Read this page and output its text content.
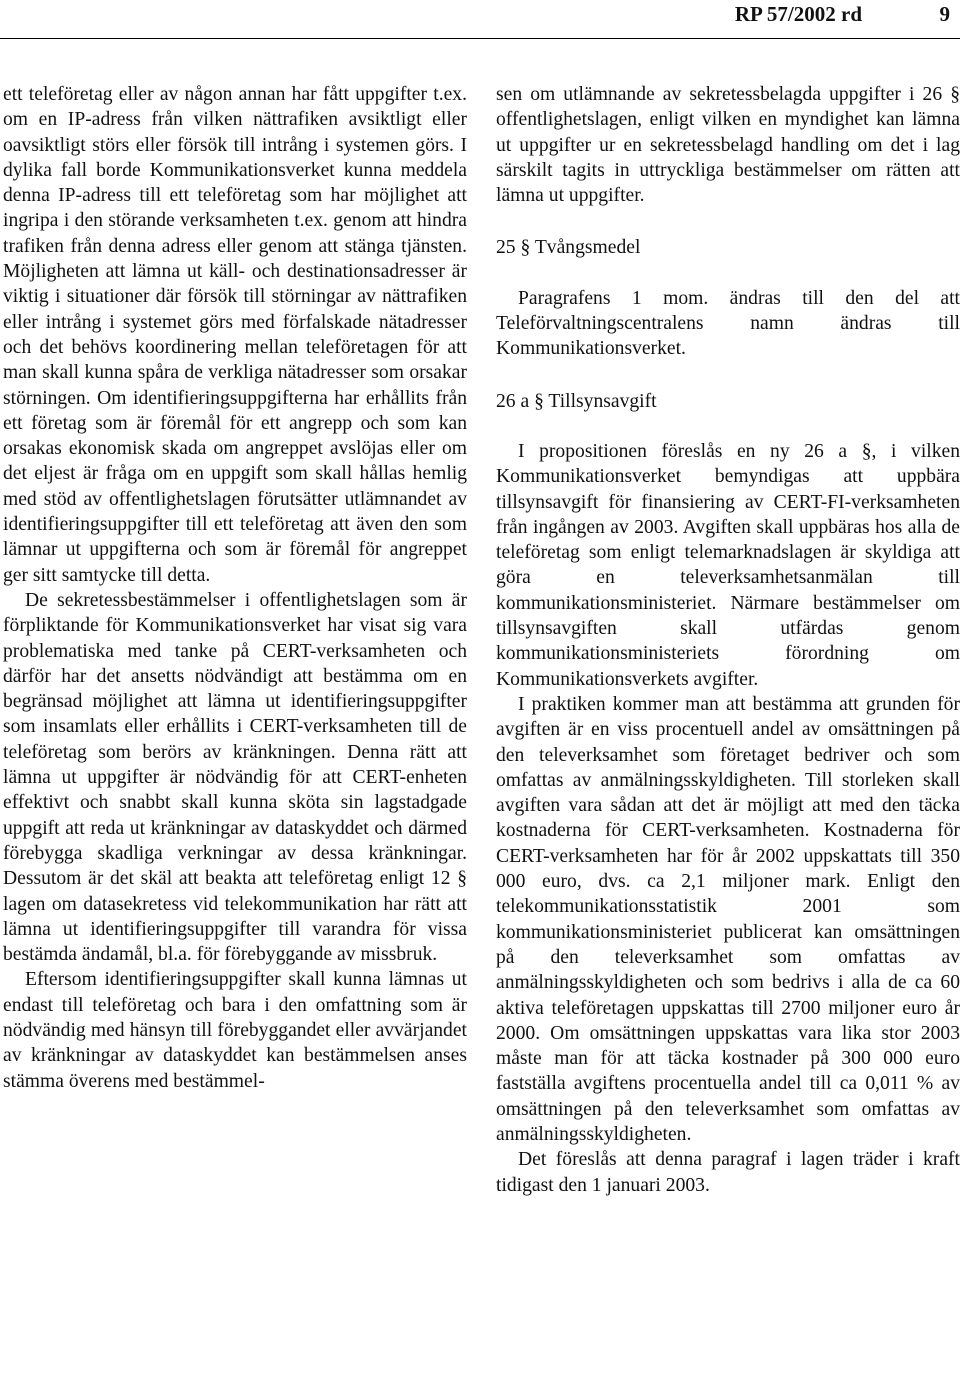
RP 57/2002 rd	9

ett teleföretag eller av någon annan har fått uppgifter t.ex. om en IP-adress från vilken nättrafiken avsiktligt eller oavsiktligt störs eller försök till intrång i systemen görs. I dylika fall borde Kommunikationsverket kunna meddela denna IP-adress till ett teleföretag som har möjlighet att ingripa i den störande verksamheten t.ex. genom att hindra trafiken från denna adress eller genom att stänga tjänsten. Möjligheten att lämna ut käll- och destinationsadresser är viktig i situationer där försök till störningar av nättrafiken eller intrång i systemet görs med förfalskade nätadresser och det behövs koordinering mellan teleföretagen för att man skall kunna spåra de verkliga nätadresser som orsakar störningen. Om identifieringsuppgifterna har erhållits från ett företag som är föremål för ett angrepp och som kan orsakas ekonomisk skada om angreppet avslöjas eller om det eljest är fråga om en uppgift som skall hållas hemlig med stöd av offentlighetslagen förutsätter utlämnandet av identifieringsuppgifter till ett teleföretag att även den som lämnar ut uppgifterna och som är föremål för angreppet ger sitt samtycke till detta.

De sekretessbestämmelser i offentlighetslagen som är förpliktande för Kommunikationsverket har visat sig vara problematiska med tanke på CERT-verksamheten och därför har det ansetts nödvändigt att bestämma om en begränsad möjlighet att lämna ut identifieringsuppgifter som insamlats eller erhållits i CERT-verksamheten till de teleföretag som berörs av kränkningen. Denna rätt att lämna ut uppgifter är nödvändig för att CERT-enheten effektivt och snabbt skall kunna sköta sin lagstadgade uppgift att reda ut kränkningar av dataskyddet och därmed förebygga skadliga verkningar av dessa kränkningar. Dessutom är det skäl att beakta att teleföretag enligt 12 § lagen om datasekretess vid telekommunikation har rätt att lämna ut identifieringsuppgifter till varandra för vissa bestämda ändamål, bl.a. för förebyggande av missbruk.

Eftersom identifieringsuppgifter skall kunna lämnas ut endast till teleföretag och bara i den omfattning som är nödvändig med hänsyn till förebyggandet eller avvärjandet av kränkningar av dataskyddet kan bestämmelsen anses stämma överens med bestämmel-

sen om utlämnande av sekretessbelagda uppgifter i 26 § offentlighetslagen, enligt vilken en myndighet kan lämna ut uppgifter ur en sekretessbelagd handling om det i lag särskilt tagits in uttryckliga bestämmelser om rätten att lämna ut uppgifter.

25 § Tvångsmedel

Paragrafens 1 mom. ändras till den del att Teleförvaltningscentralens namn ändras till Kommunikationsverket.

26 a § Tillsynsavgift

I propositionen föreslås en ny 26 a §, i vilken Kommunikationsverket bemyndigas att uppbära tillsynsavgift för finansiering av CERT-FI-verksamheten från ingången av 2003. Avgiften skall uppbäras hos alla de teleföretag som enligt telemarknadslagen är skyldiga att göra en televerksamhetsanmälan till kommunikationsministeriet. Närmare bestämmelser om tillsynsavgiften skall utfärdas genom kommunikationsministeriets förordning om Kommunikationsverkets avgifter.

I praktiken kommer man att bestämma att grunden för avgiften är en viss procentuell andel av omsättningen på den televerksamhet som företaget bedriver och som omfattas av anmälningsskyldigheten. Till storleken skall avgiften vara sådan att det är möjligt att med den täcka kostnaderna för CERT-verksamheten. Kostnaderna för CERT-verksamheten har för år 2002 uppskattats till 350 000 euro, dvs. ca 2,1 miljoner mark. Enligt den telekommunikationsstatistik 2001 som kommunikationsministeriet publicerat kan omsättningen på den televerksamhet som omfattas av anmälningsskyldigheten och som bedrivs i alla de ca 60 aktiva teleföretagen uppskattas till 2700 miljoner euro år 2000. Om omsättningen uppskattas vara lika stor 2003 måste man för att täcka kostnader på 300 000 euro fastställa avgiftens procentuella andel till ca 0,011 % av omsättningen på den televerksamhet som omfattas av anmälningsskyldigheten.

Det föreslås att denna paragraf i lagen träder i kraft tidigast den 1 januari 2003.
